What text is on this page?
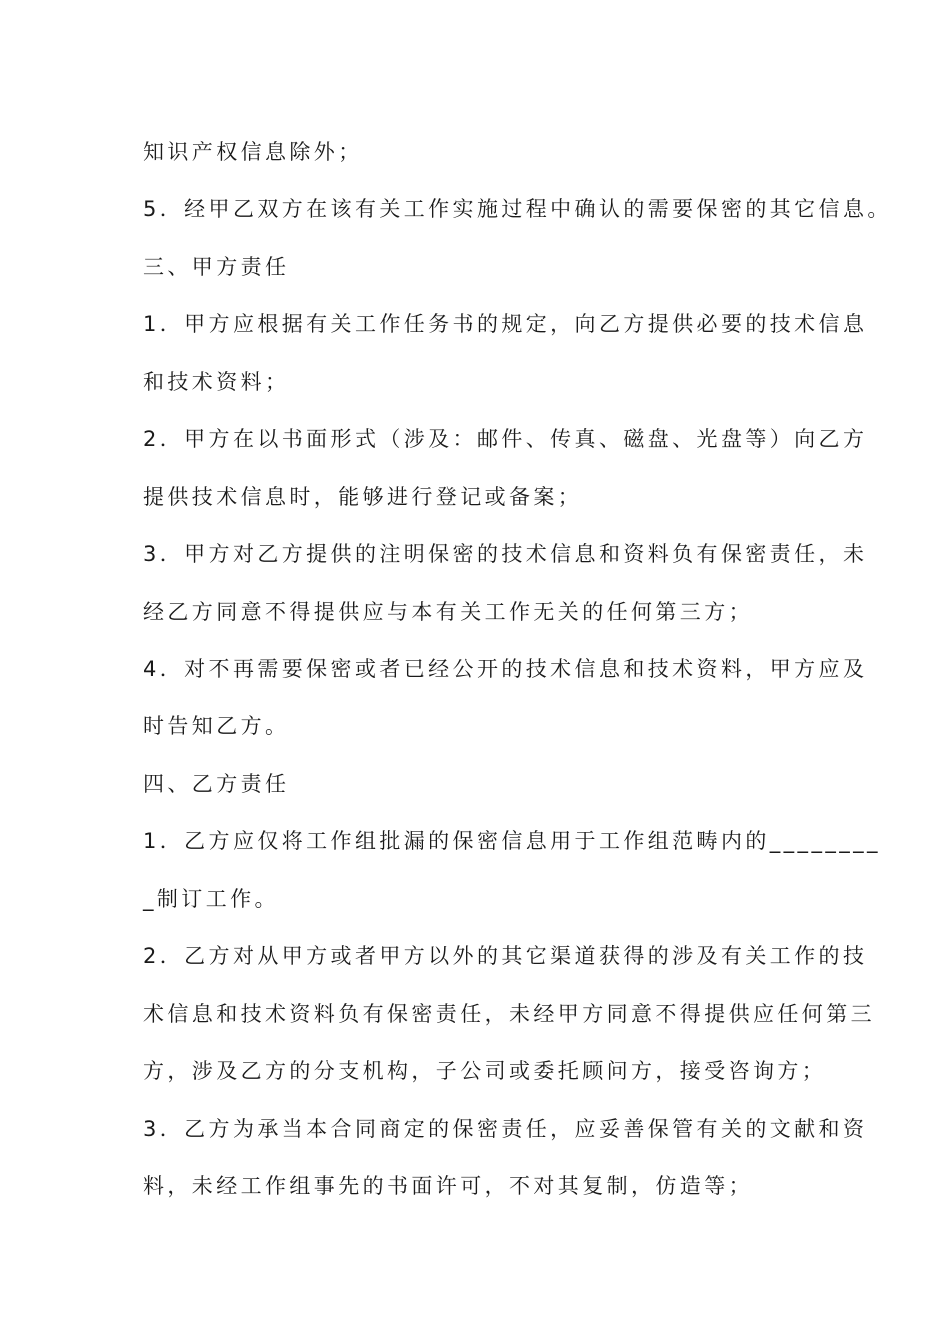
知识产权信息除外；
5．经甲乙双方在该有关工作实施过程中确认的需要保密的其它信息。
三、甲方责任
1．甲方应根据有关工作任务书的规定，向乙方提供必要的技术信息
和技术资料；
2．甲方在以书面形式（涉及：邮件、传真、磁盘、光盘等）向乙方
提供技术信息时，能够进行登记或备案；
3．甲方对乙方提供的注明保密的技术信息和资料负有保密责任，未
经乙方同意不得提供应与本有关工作无关的任何第三方；
4．对不再需要保密或者已经公开的技术信息和技术资料，甲方应及
时告知乙方。
四、乙方责任
1．乙方应仅将工作组批漏的保密信息用于工作组范畴内的________
_制订工作。
2．乙方对从甲方或者甲方以外的其它渠道获得的涉及有关工作的技
术信息和技术资料负有保密责任，未经甲方同意不得提供应任何第三
方，涉及乙方的分支机构，子公司或委托顾问方，接受咨询方；
3．乙方为承当本合同商定的保密责任，应妥善保管有关的文献和资
料，未经工作组事先的书面许可，不对其复制，仿造等；
